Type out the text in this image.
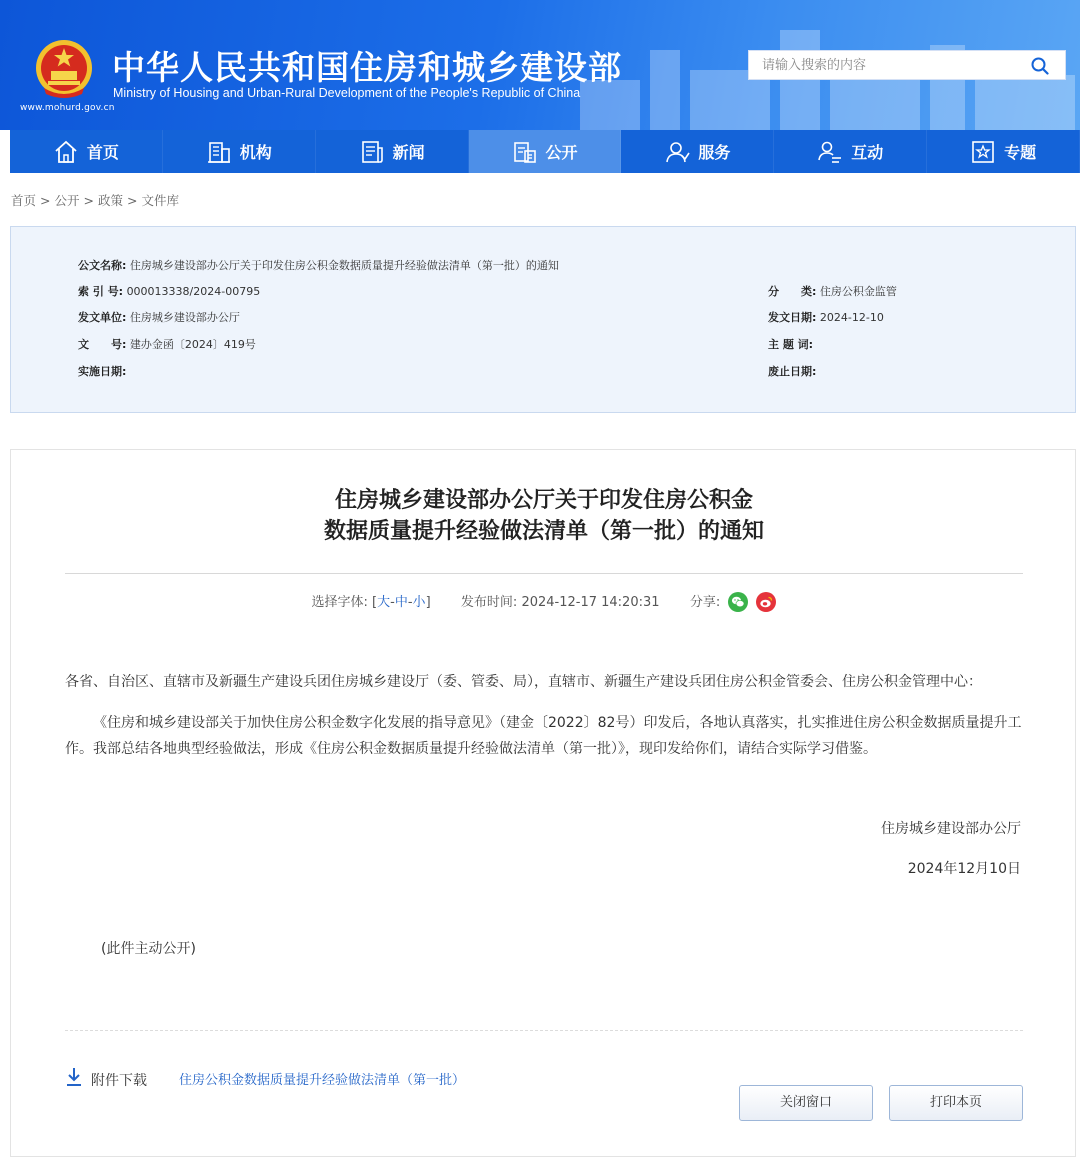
www.mohurd.gov.cn
中华人民共和国住房和城乡建设部
Ministry of Housing and Urban-Rural Development of the People's Republic of China
请输入搜索的内容
首页	机构	新闻	公开	服务	互动	专题
首页 > 公开 > 政策 > 文件库
公文名称: 住房城乡建设部办公厅关于印发住房公积金数据质量提升经验做法清单（第一批）的通知
索 引 号: 000013338/2024-00795	分　　类: 住房公积金监管
发文单位: 住房城乡建设部办公厅	发文日期: 2024-12-10
文　　号: 建办金函〔2024〕419号	主 题 词:
实施日期:	废止日期:
住房城乡建设部办公厅关于印发住房公积金
数据质量提升经验做法清单（第一批）的通知
选择字体: [大-中-小] 发布时间: 2024-12-17 14:20:31 分享:

各省、自治区、直辖市及新疆生产建设兵团住房城乡建设厅（委、管委、局），直辖市、新疆生产建设兵团住房公积金管委会、住房公积金管理中心：
《住房和城乡建设部关于加快住房公积金数字化发展的指导意见》（建金〔2022〕82号）印发后，各地认真落实，扎实推进住房公积金数据质量提升工作。我部总结各地典型经验做法，形成《住房公积金数据质量提升经验做法清单（第一批）》，现印发给你们，请结合实际学习借鉴。
住房城乡建设部办公厅
2024年12月10日
(此件主动公开)
附件下载 住房公积金数据质量提升经验做法清单（第一批）
关闭窗口	打印本页
